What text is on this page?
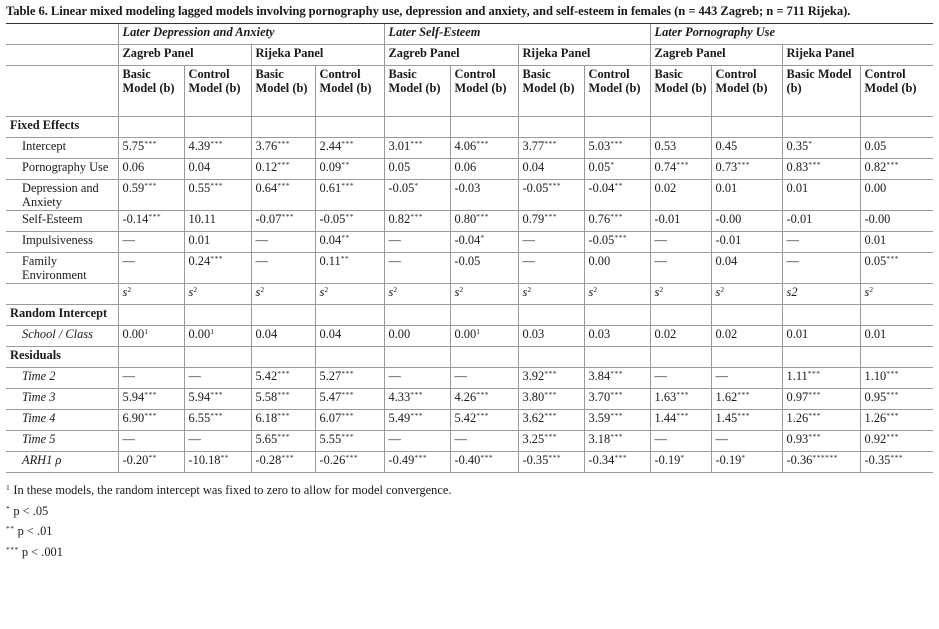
Table 6. Linear mixed modeling lagged models involving pornography use, depression and anxiety, and self-esteem in females (n = 443 Zagreb; n = 711 Rijeka).
	Later Depression and Anxiety				Later Self-Esteem				Later Pornography Use			
	Zagreb Panel		Rijeka Panel		Zagreb Panel		Rijeka Panel		Zagreb Panel		Rijeka Panel	
	Basic Model (b)	Control Model (b)	Basic Model (b)	Control Model (b)	Basic Model (b)	Control Model (b)	Basic Model (b)	Control Model (b)	Basic Model (b)	Control Model (b)	Basic Model (b)	Control Model (b)
Fixed Effects												
Intercept	5.75***	4.39***	3.76***	2.44***	3.01***	4.06***	3.77***	5.03***	0.53	0.45	0.35*	0.05
Pornography Use	0.06	0.04	0.12***	0.09**	0.05	0.06	0.04	0.05*	0.74***	0.73***	0.83***	0.82***
Depression and Anxiety	0.59***	0.55***	0.64***	0.61***	-0.05*	-0.03	-0.05***	-0.04**	0.02	0.01	0.01	0.00
Self-Esteem	-0.14***	10.11	-0.07***	-0.05**	0.82***	0.80***	0.79***	0.76***	-0.01	-0.00	-0.01	-0.00
Impulsiveness	—	0.01	—	0.04**	—	-0.04*	—	-0.05***	—	-0.01	—	0.01
Family Environment	—	0.24***	—	0.11**	—	-0.05	—	0.00	—	0.04	—	0.05***
	$s^2$	$s^2$	$s^2$	$s^2$	$s^2$	$s^2$	$s^2$	$s^2$	$s^2$	$s^2$	s2	$s^2$
Random Intercept												
School / Class	0.00$^1$	0.00$^1$	0.04	0.04	0.00	0.00$^1$	0.03	0.03	0.02	0.02	0.01	0.01
Residuals												
Time 2	—	—	5.42***	5.27***	—	—	3.92***	3.84***	—	—	1.11***	1.10***
Time 3	5.94***	5.94***	5.58***	5.47***	4.33***	4.26***	3.80***	3.70***	1.63***	1.62***	0.97***	0.95***
Time 4	6.90***	6.55***	6.18***	6.07***	5.49***	5.42***	3.62***	3.59***	1.44***	1.45***	1.26***	1.26***
Time 5	—	—	5.65***	5.55***	—	—	3.25***	3.18***	—	—	0.93***	0.92***
ARH1 ρ	-0.20**	-10.18**	-0.28***	-0.26***	-0.49***	-0.40***	-0.35***	-0.34***	-0.19*	-0.19*	-0.36******	-0.35***
$^1$ In these models, the random intercept was fixed to zero to allow for model convergence.
* p < .05
** p < .01
*** p < .001
